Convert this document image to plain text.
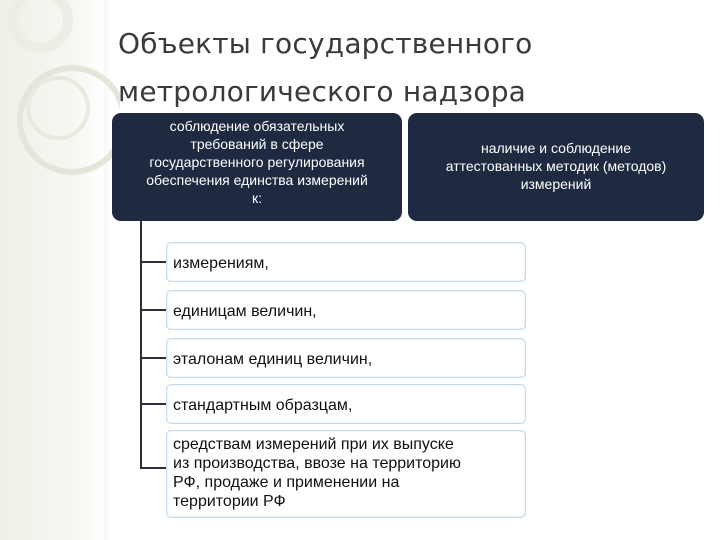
Объекты государственного
метрологического надзора
соблюдение обязательных
требований в сфере
государственного регулирования
обеспечения единства измерений
к:
наличие и соблюдение
аттестованных методик (методов)
измерений
измерениям,
единицам величин,
эталонам единиц величин,
стандартным образцам,
средствам измерений при их выпуске
из производства, ввозе на территорию
РФ, продаже и применении на
территории РФ
